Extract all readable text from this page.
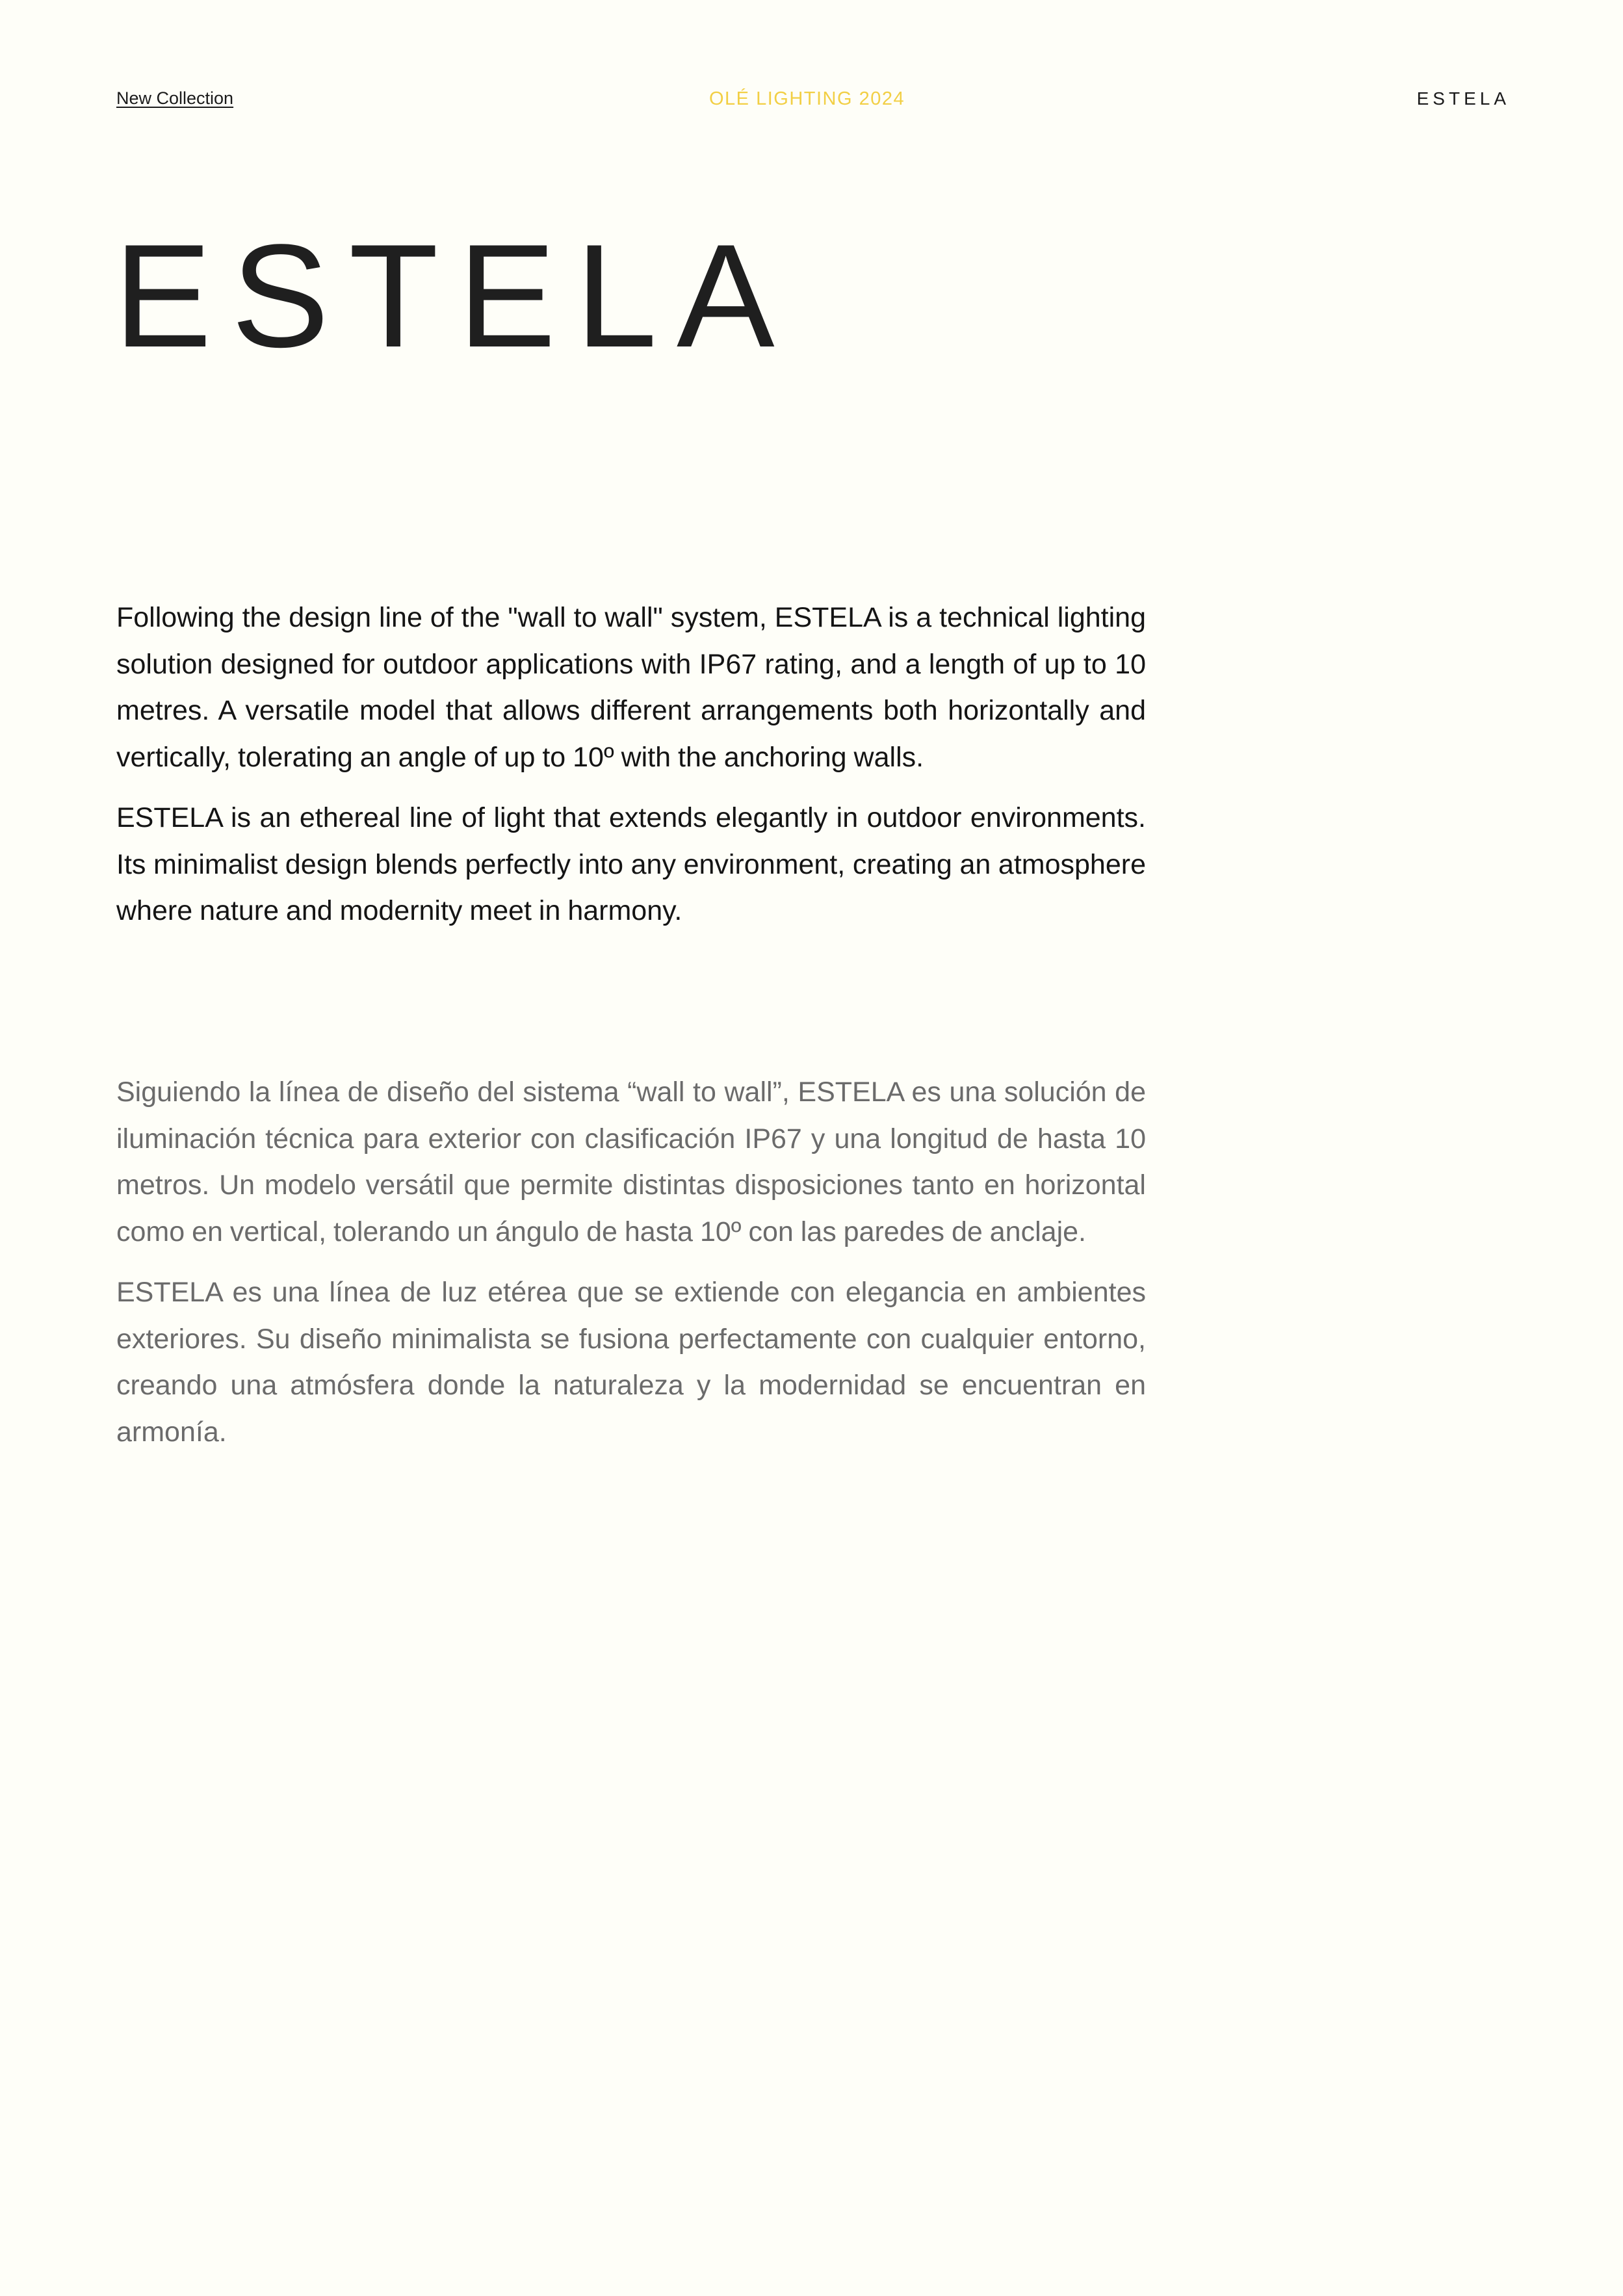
New Collection	OLÉ LIGHTING 2024	ESTELA
ESTELA

Following the design line of the "wall to wall" system, ESTELA is a technical lighting solution designed for outdoor applications with IP67 rating, and a length of up to 10 metres. A versatile model that allows different arrangements both horizontally and vertically, tolerating an angle of up to 10º with the anchoring walls.

ESTELA is an ethereal line of light that extends elegantly in outdoor environments. Its minimalist design blends perfectly into any environment, creating an atmosphere where nature and modernity meet in harmony.

Siguiendo la línea de diseño del sistema “wall to wall”, ESTELA es una solución de iluminación técnica para exterior con clasificación IP67 y una longitud de hasta 10 metros. Un modelo versátil que permite distintas disposiciones tanto en horizontal como en vertical, tolerando un ángulo de hasta 10º con las paredes de anclaje.

ESTELA es una línea de luz etérea que se extiende con elegancia en ambientes exteriores. Su diseño minimalista se fusiona perfectamente con cualquier entorno, creando una atmósfera donde la naturaleza y la modernidad se encuentran en armonía.
